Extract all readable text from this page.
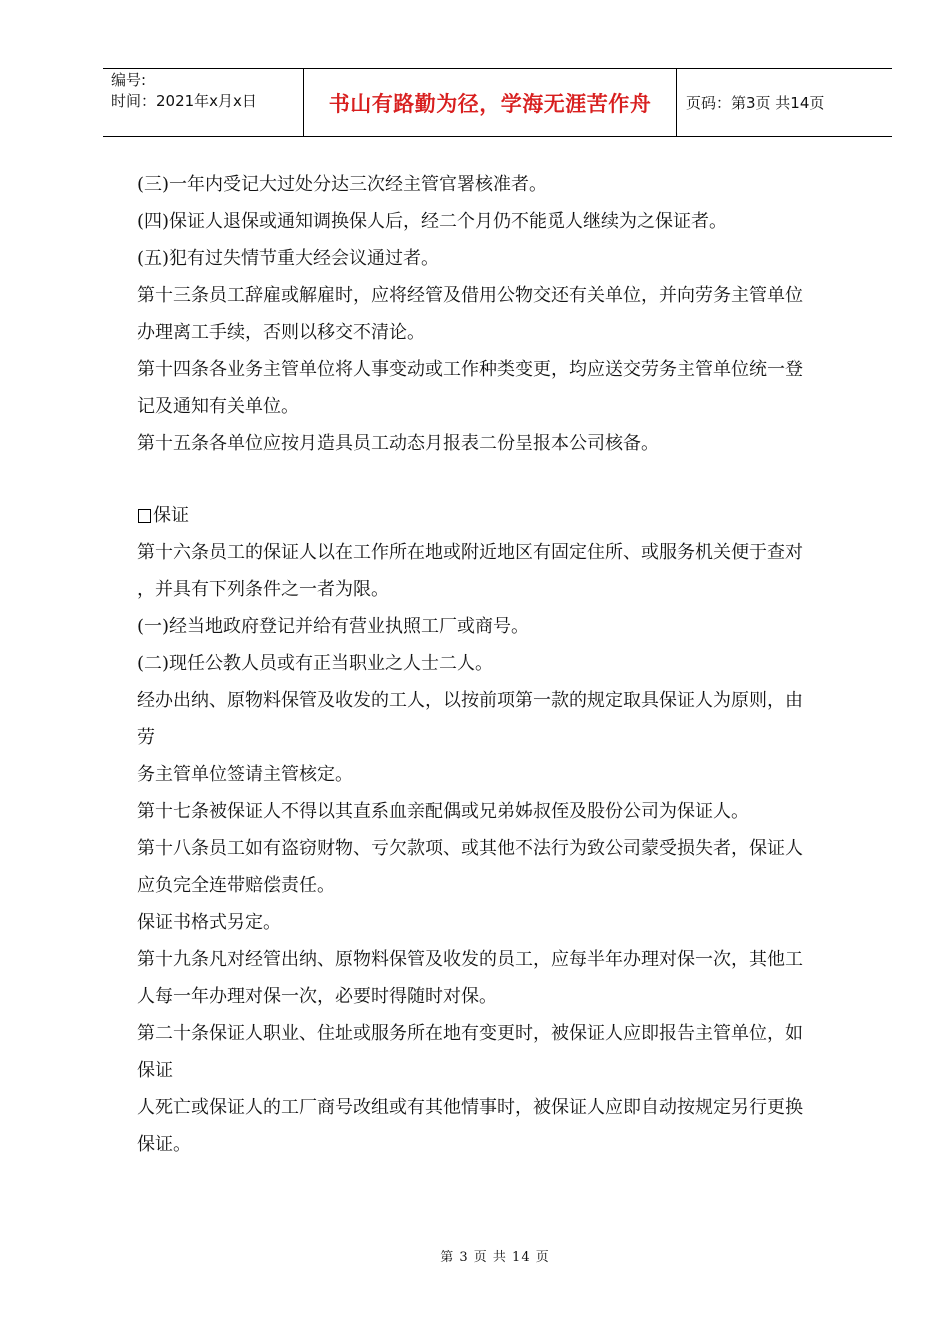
编号:
时间：2021年x月x日	书山有路勤为径，学海无涯苦作舟 页码：第3页 共14页
(三)一年内受记大过处分达三次经主管官署核准者。
(四)保证人退保或通知调换保人后，经二个月仍不能觅人继续为之保证者。
(五)犯有过失情节重大经会议通过者。
第十三条员工辞雇或解雇时，应将经管及借用公物交还有关单位，并向劳务主管单位
办理离工手续，否则以移交不清论。
第十四条各业务主管单位将人事变动或工作种类变更，均应送交劳务主管单位统一登
记及通知有关单位。
第十五条各单位应按月造具员工动态月报表二份呈报本公司核备。
保证
第十六条员工的保证人以在工作所在地或附近地区有固定住所、或服务机关便于查对
，并具有下列条件之一者为限。
(一)经当地政府登记并给有营业执照工厂或商号。
(二)现任公教人员或有正当职业之人士二人。
经办出纳、原物料保管及收发的工人，以按前项第一款的规定取具保证人为原则，由
劳
务主管单位签请主管核定。
第十七条被保证人不得以其直系血亲配偶或兄弟姊叔侄及股份公司为保证人。
第十八条员工如有盗窃财物、亏欠款项、或其他不法行为致公司蒙受损失者，保证人
应负完全连带赔偿责任。
保证书格式另定。
第十九条凡对经管出纳、原物料保管及收发的员工，应每半年办理对保一次，其他工
人每一年办理对保一次，必要时得随时对保。
第二十条保证人职业、住址或服务所在地有变更时，被保证人应即报告主管单位，如
保证
人死亡或保证人的工厂商号改组或有其他情事时，被保证人应即自动按规定另行更换
保证。
第 3 页 共 14 页
